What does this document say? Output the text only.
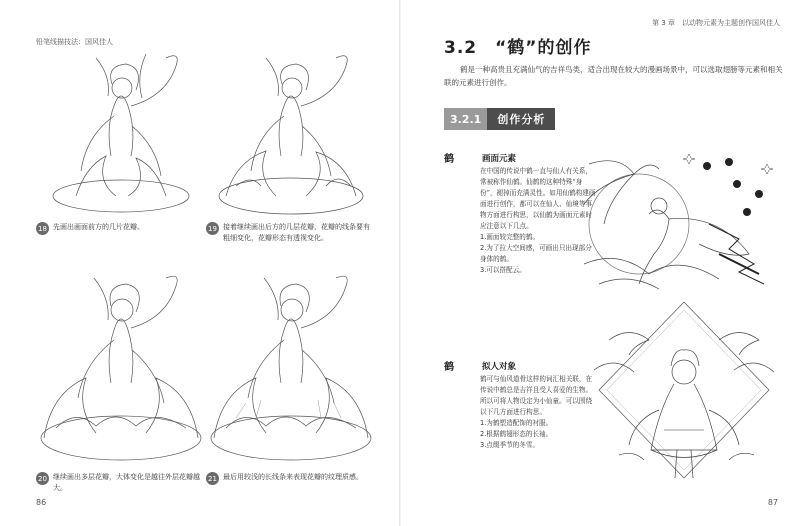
铅笔线描技法：国风佳人
18 先画出画面前方的几片花瓣。	19 接着继续画出后方的几层花瓣，花瓣的线条要有粗细变化，花瓣形态有透视变化。
20 继续画出多层花瓣，大体变化是越往外层花瓣越大。
21 最后用较浅的长线条来表现花瓣的纹理质感。
86
第 3 章　以动物元素为主题创作国风佳人
3.2　“鹤”的创作
鹤是一种高贵且充满仙气的吉祥鸟类，适合出现在较大的漫画场景中，可以选取翅膀等元素和相关联的元素进行创作。
3.2.1	创作分析
鹤	画面元素

在中国的传说中鹤一直与仙人有关系，常被称作仙鹤。仙鹤的这种特殊“身份”，褪掉而充满灵性。如用仙鹤构建画面进行创作，都可以在仙人、仙境等事物方面进行构思，以仙鹤为画面元素时应注意以下几点。

1.画面较完整的鹤。

2.为了拉大空间感，可画出只出现部分身体的鹤。

3.可以搭配云。

鹤	拟人对象

鹤可与仙风道骨这样的词汇相关联，在传说中鹤总是吉祥且受人喜爱的生物。所以可将人物设定为小仙童。可以围绕以下几方面进行构思。

1.为鹤塑造配饰的衬服。

2.根据鹤翅形态的长袖。

3.点缀季节的冬雪。

87
